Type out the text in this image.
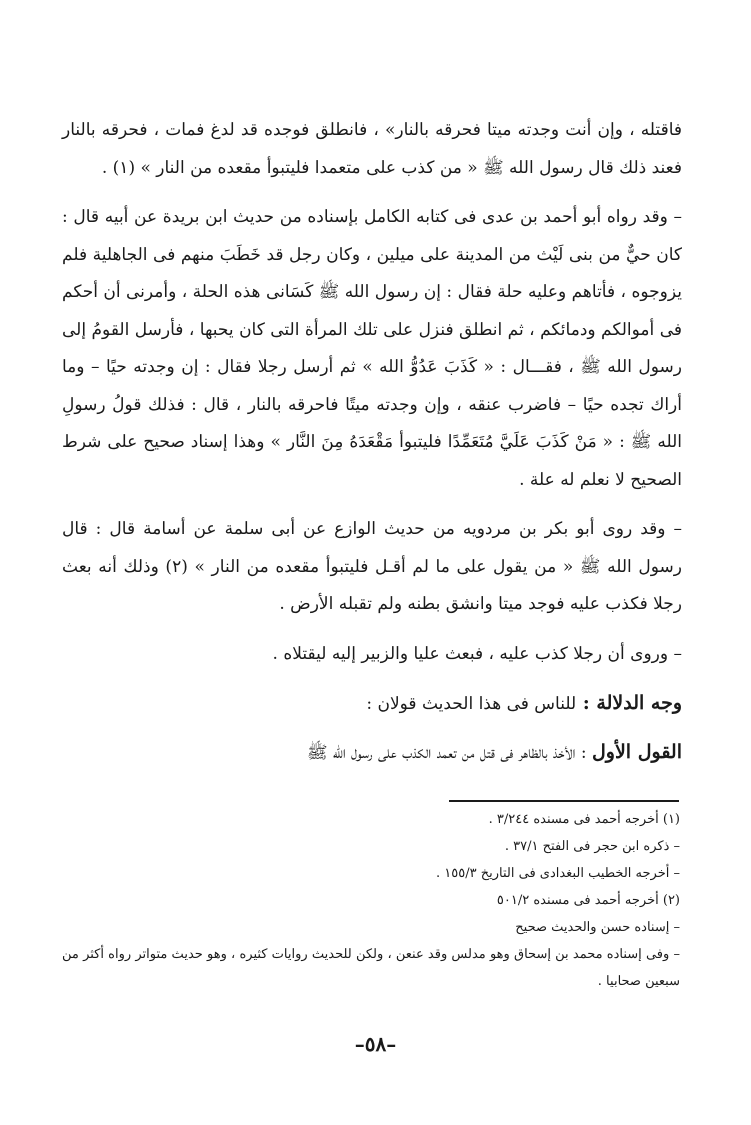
فاقتله ، وإن أنت وجدته ميتا فحرقه بالنار» ، فانطلق فوجده قد لدغ فمات ، فحرقه بالنار فعند ذلك قال رسول الله ﷺ « من كذب على متعمدا فليتبوأ مقعده من النار » (١) .

– وقد رواه أبو أحمد بن عدى فى كتابه الكامل بإسناده من حديث ابن بريدة عن أبيه قال : كان حيٌّ من بنى لَيْث من المدينة على ميلين ، وكان رجل قد خَطَبَ منهم فى الجاهلية فلم يزوجوه ، فأتاهم وعليه حلة فقال : إن رسول الله ﷺ كَسَانى هذه الحلة ، وأمرنى أن أحكم فى أموالكم ودمائكم ، ثم انطلق فنزل على تلك المرأة التى كان يحبها ، فأرسل القومُ إلى رسول الله ﷺ ، فقـــال : « كَذَبَ عَدُوُّ الله » ثم أرسل رجلا فقال : إن وجدته حيًا – وما أراك تجده حيًا – فاضرب عنقه ، وإن وجدته ميتًا فاحرقه بالنار ، قال : فذلك قولُ رسولِ الله ﷺ : « مَنْ كَذَبَ عَلَيَّ مُتَعَمِّدًا فليتبوأ مَقْعَدَهُ مِنَ النَّار » وهذا إسناد صحيح على شرط الصحيح لا نعلم له علة .

– وقد روى أبو بكر بن مردويه من حديث الوازع عن أبى سلمة عن أسامة قال : قال رسول الله ﷺ « من يقول على ما لم أقـل فليتبوأ مقعده من النار » (٢) وذلك أنه بعث رجلا فكذب عليه فوجد ميتا وانشق بطنه ولم تقبله الأرض .

– وروى أن رجلا كذب عليه ، فبعث عليا والزبير إليه ليقتلاه .

وجه الدلالة : للناس فى هذا الحديث قولان :

القول الأول : الأخذ بالظاهر فى قتل من تعمد الكذب على رسول الله ﷺ

(١) أخرجه أحمد فى مسنده ٣/٢٤٤ .

– ذكره ابن حجر فى الفتح ٣٧/١ .

– أخرجه الخطيب البغدادى فى التاريخ ١٥٥/٣ .

(٢) أخرجه أحمد فى مسنده ٥٠١/٢

– إسناده حسن والحديث صحيح

– وفى إسناده محمد بن إسحاق وهو مدلس وقد عنعن ، ولكن للحديث روايات كثيره ، وهو حديث متواتر رواه أكثر من سبعين صحابيا .

–٥٨–
